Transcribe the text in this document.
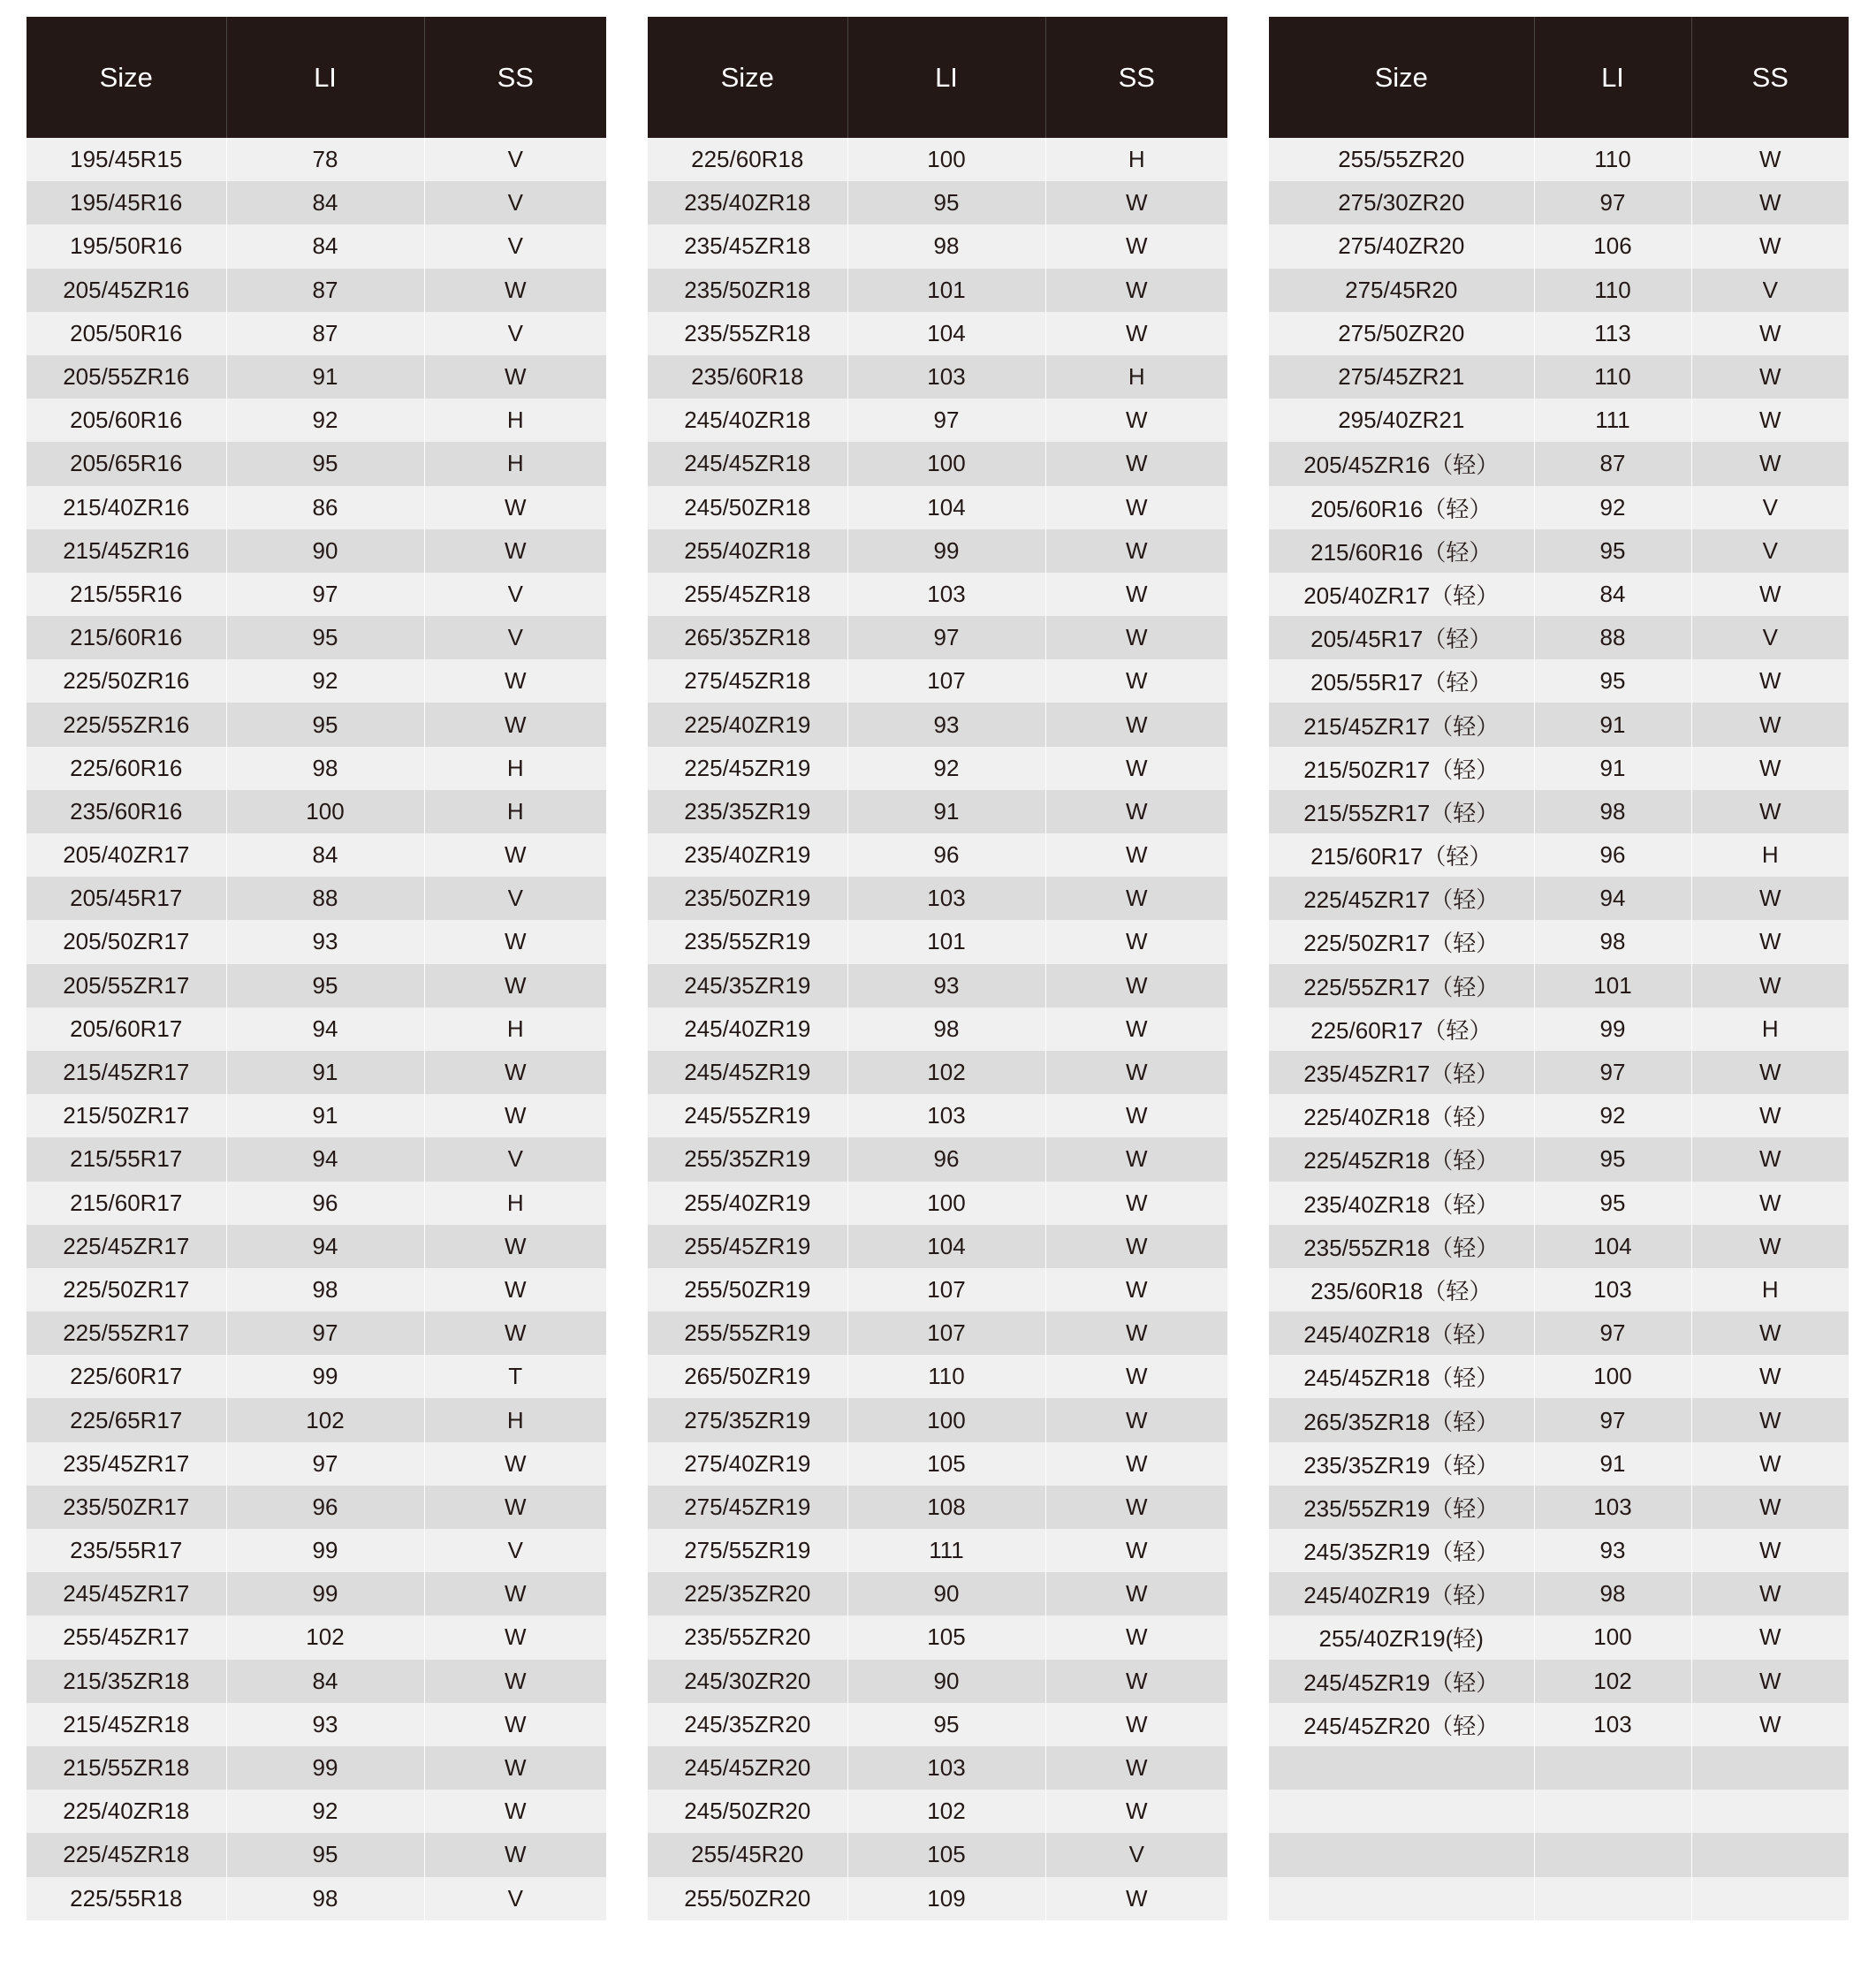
Size	LI	SS
195/45R15	78	V
195/45R16	84	V
195/50R16	84	V
205/45ZR16	87	W
205/50R16	87	V
205/55ZR16	91	W
205/60R16	92	H
205/65R16	95	H
215/40ZR16	86	W
215/45ZR16	90	W
215/55R16	97	V
215/60R16	95	V
225/50ZR16	92	W
225/55ZR16	95	W
225/60R16	98	H
235/60R16	100	H
205/40ZR17	84	W
205/45R17	88	V
205/50ZR17	93	W
205/55ZR17	95	W
205/60R17	94	H
215/45ZR17	91	W
215/50ZR17	91	W
215/55R17	94	V
215/60R17	96	H
225/45ZR17	94	W
225/50ZR17	98	W
225/55ZR17	97	W
225/60R17	99	T
225/65R17	102	H
235/45ZR17	97	W
235/50ZR17	96	W
235/55R17	99	V
245/45ZR17	99	W
255/45ZR17	102	W
215/35ZR18	84	W
215/45ZR18	93	W
215/55ZR18	99	W
225/40ZR18	92	W
225/45ZR18	95	W
225/55R18	98	V
Size	LI	SS
225/60R18	100	H
235/40ZR18	95	W
235/45ZR18	98	W
235/50ZR18	101	W
235/55ZR18	104	W
235/60R18	103	H
245/40ZR18	97	W
245/45ZR18	100	W
245/50ZR18	104	W
255/40ZR18	99	W
255/45ZR18	103	W
265/35ZR18	97	W
275/45ZR18	107	W
225/40ZR19	93	W
225/45ZR19	92	W
235/35ZR19	91	W
235/40ZR19	96	W
235/50ZR19	103	W
235/55ZR19	101	W
245/35ZR19	93	W
245/40ZR19	98	W
245/45ZR19	102	W
245/55ZR19	103	W
255/35ZR19	96	W
255/40ZR19	100	W
255/45ZR19	104	W
255/50ZR19	107	W
255/55ZR19	107	W
265/50ZR19	110	W
275/35ZR19	100	W
275/40ZR19	105	W
275/45ZR19	108	W
275/55ZR19	111	W
225/35ZR20	90	W
235/55ZR20	105	W
245/30ZR20	90	W
245/35ZR20	95	W
245/45ZR20	103	W
245/50ZR20	102	W
255/45R20	105	V
255/50ZR20	109	W
Size	LI	SS
255/55ZR20	110	W
275/30ZR20	97	W
275/40ZR20	106	W
275/45R20	110	V
275/50ZR20	113	W
275/45ZR21	110	W
295/40ZR21	111	W
205/45ZR16（轻）	87	W
205/60R16（轻）	92	V
215/60R16（轻）	95	V
205/40ZR17（轻）	84	W
205/45R17（轻）	88	V
205/55R17（轻）	95	W
215/45ZR17（轻）	91	W
215/50ZR17（轻）	91	W
215/55ZR17（轻）	98	W
215/60R17（轻）	96	H
225/45ZR17（轻）	94	W
225/50ZR17（轻）	98	W
225/55ZR17（轻）	101	W
225/60R17（轻）	99	H
235/45ZR17（轻）	97	W
225/40ZR18（轻）	92	W
225/45ZR18（轻）	95	W
235/40ZR18（轻）	95	W
235/55ZR18（轻）	104	W
235/60R18（轻）	103	H
245/40ZR18（轻）	97	W
245/45ZR18（轻）	100	W
265/35ZR18（轻）	97	W
235/35ZR19（轻）	91	W
235/55ZR19（轻）	103	W
245/35ZR19（轻）	93	W
245/40ZR19（轻）	98	W
255/40ZR19(轻)	100	W
245/45ZR19（轻）	102	W
245/45ZR20（轻）	103	W
